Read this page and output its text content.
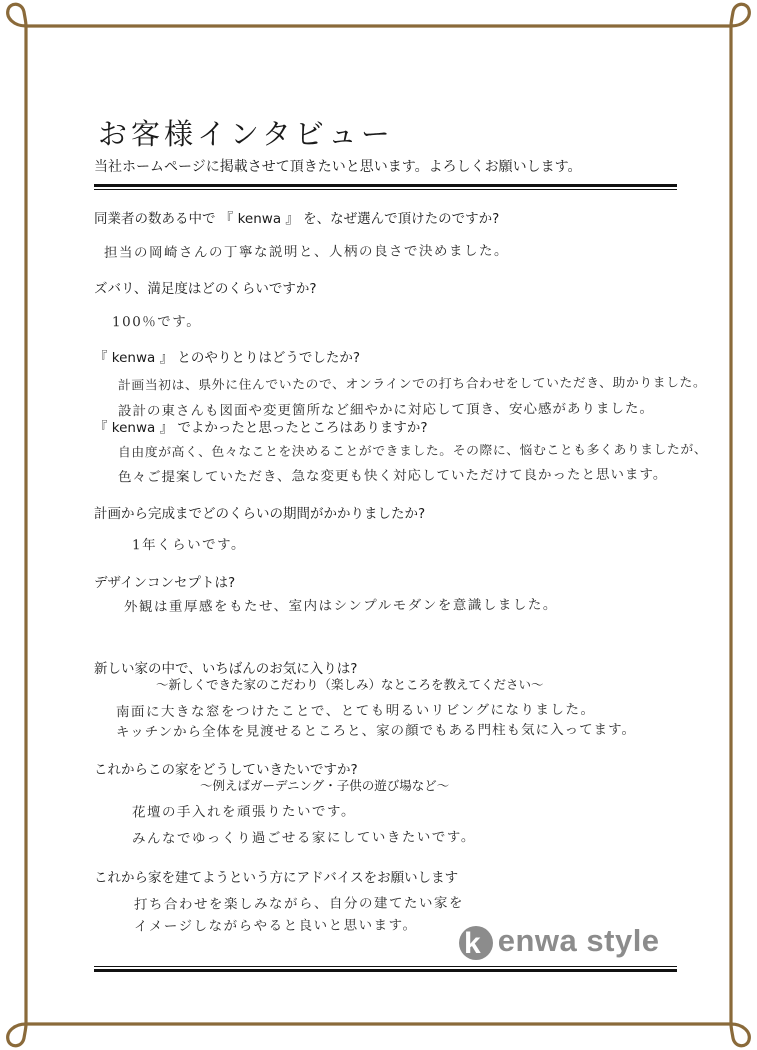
お客様インタビュー
当社ホームページに掲載させて頂きたいと思います。よろしくお願いします。
同業者の数ある中で 『 kenwa 』 を、なぜ選んで頂けたのですか?
担当の岡崎さんの丁寧な説明と、人柄の良さで決めました。
ズバリ、満足度はどのくらいですか?
100％です。
『 kenwa 』 とのやりとりはどうでしたか?
計画当初は、県外に住んでいたので、オンラインでの打ち合わせをしていただき、助かりました。
設計の東さんも図面や変更箇所など細やかに対応して頂き、安心感がありました。
『 kenwa 』 でよかったと思ったところはありますか?
自由度が高く、色々なことを決めることができました。その際に、悩むことも多くありましたが、
色々ご提案していただき、急な変更も快く対応していただけて良かったと思います。
計画から完成までどのくらいの期間がかかりましたか?
1年くらいです。
デザインコンセプトは?
外観は重厚感をもたせ、室内はシンプルモダンを意識しました。
新しい家の中で、いちばんのお気に入りは?
～新しくできた家のこだわり（楽しみ）なところを教えてください～
南面に大きな窓をつけたことで、とても明るいリビングになりました。
キッチンから全体を見渡せるところと、家の顔でもある門柱も気に入ってます。
これからこの家をどうしていきたいですか?
～例えばガーデニング・子供の遊び場など～
花壇の手入れを頑張りたいです。
みんなでゆっくり過ごせる家にしていきたいです。
これから家を建てようという方にアドバイスをお願いします
打ち合わせを楽しみながら、自分の建てたい家を
イメージしながらやると良いと思います。
k enwa style
